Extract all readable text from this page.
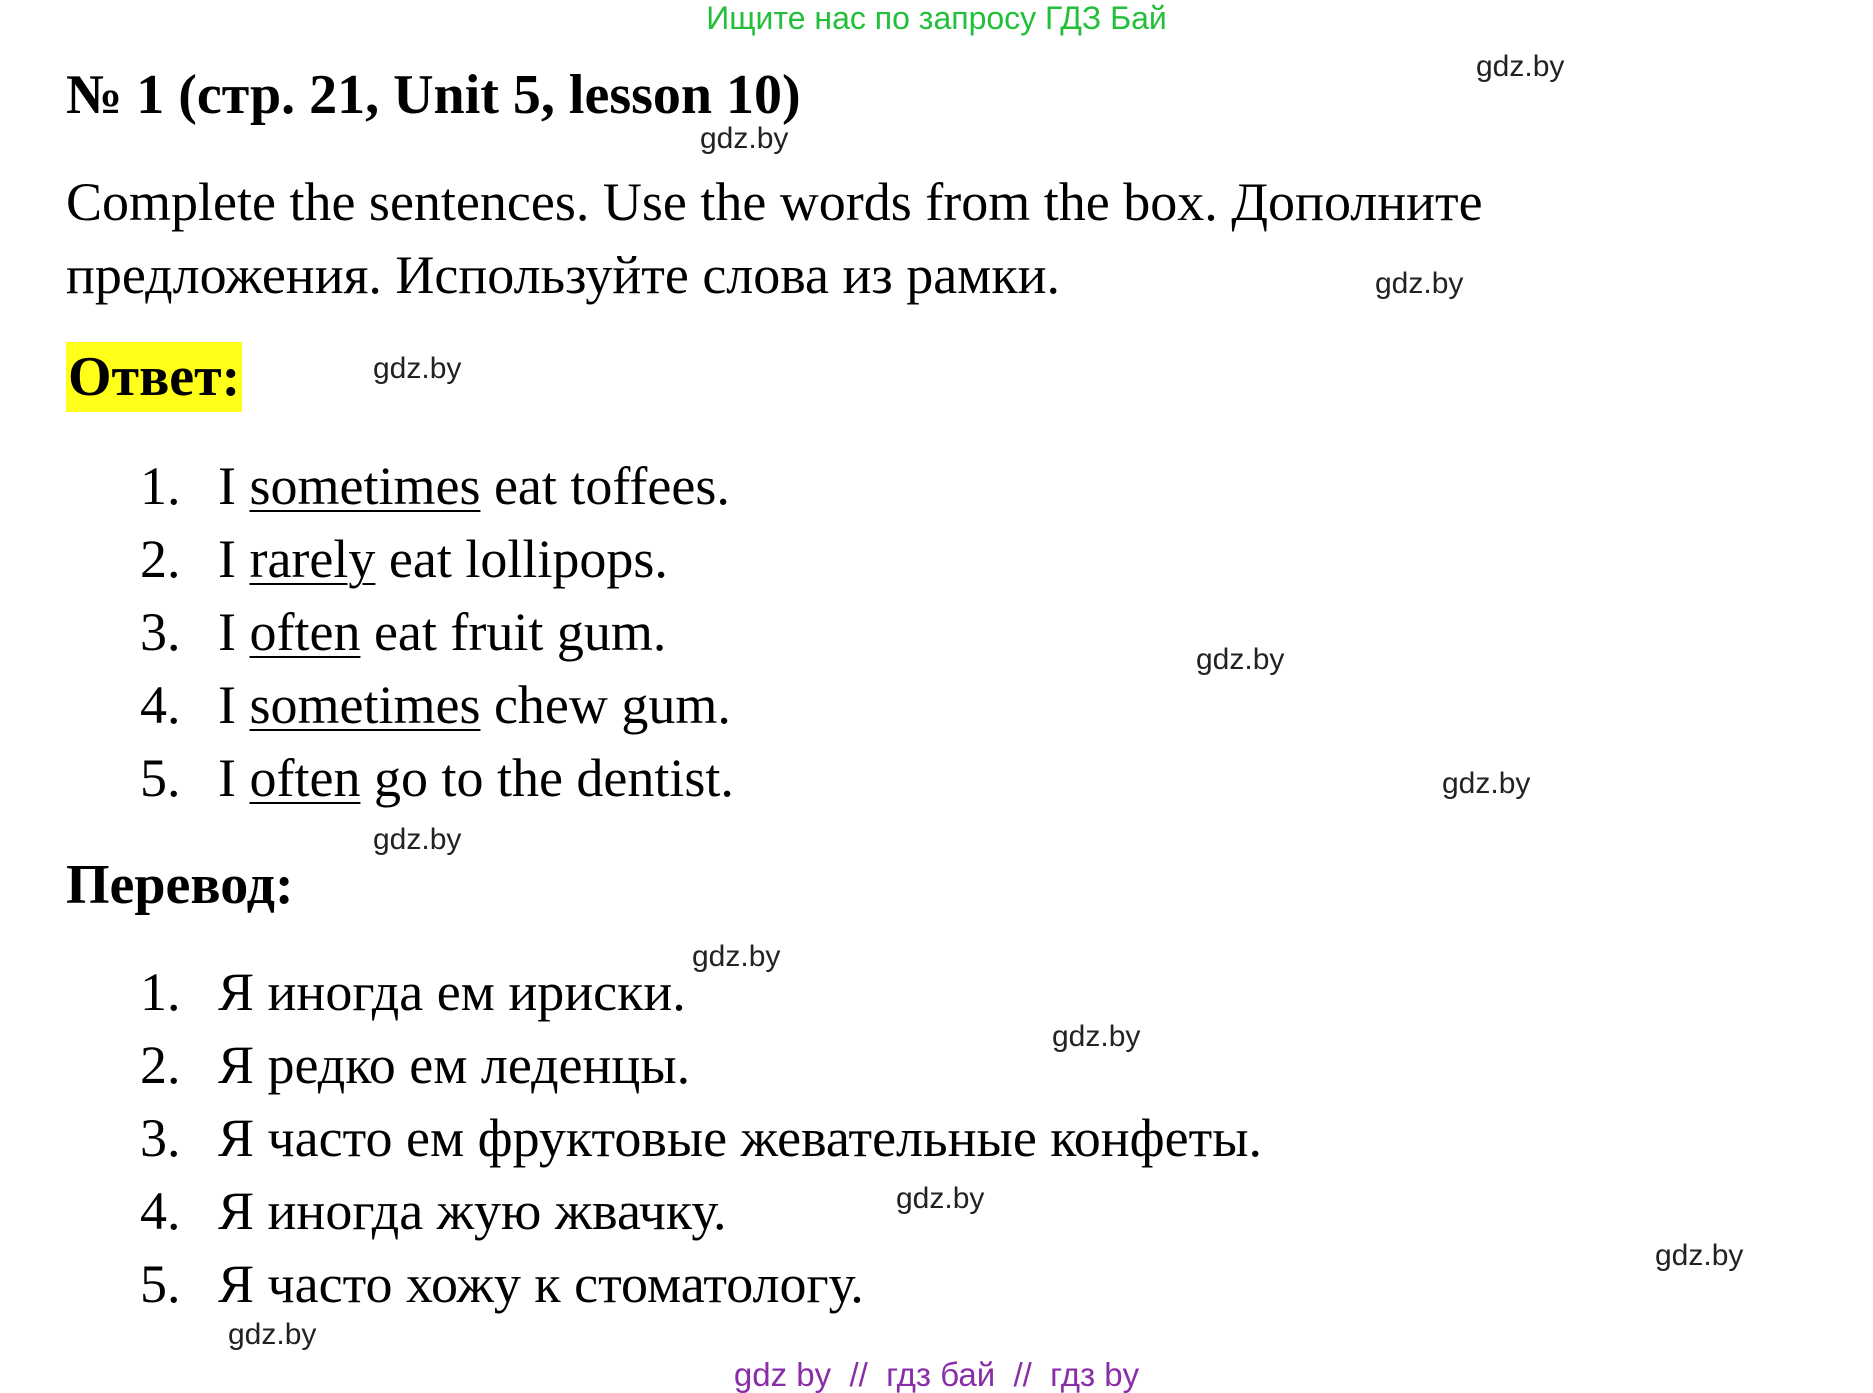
Ищите нас по запросу ГДЗ Бай
№ 1 (стр. 21, Unit 5, lesson 10)
Complete the sentences. Use the words from the box. Дополните предложения. Используйте слова из рамки.
Ответ:
1. I sometimes eat toffees.
2. I rarely eat lollipops.
3. I often eat fruit gum.
4. I sometimes chew gum.
5. I often go to the dentist.
Перевод:
1. Я иногда ем ириски.
2. Я редко ем леденцы.
3. Я часто ем фруктовые жевательные конфеты.
4. Я иногда жую жвачку.
5. Я часто хожу к стоматологу.
gdz.by
gdz.by
gdz.by
gdz.by
gdz.by
gdz.by
gdz.by
gdz.by
gdz.by
gdz.by
gdz.by
gdz.by
gdz by  //  гдз бай  //  гдз by
